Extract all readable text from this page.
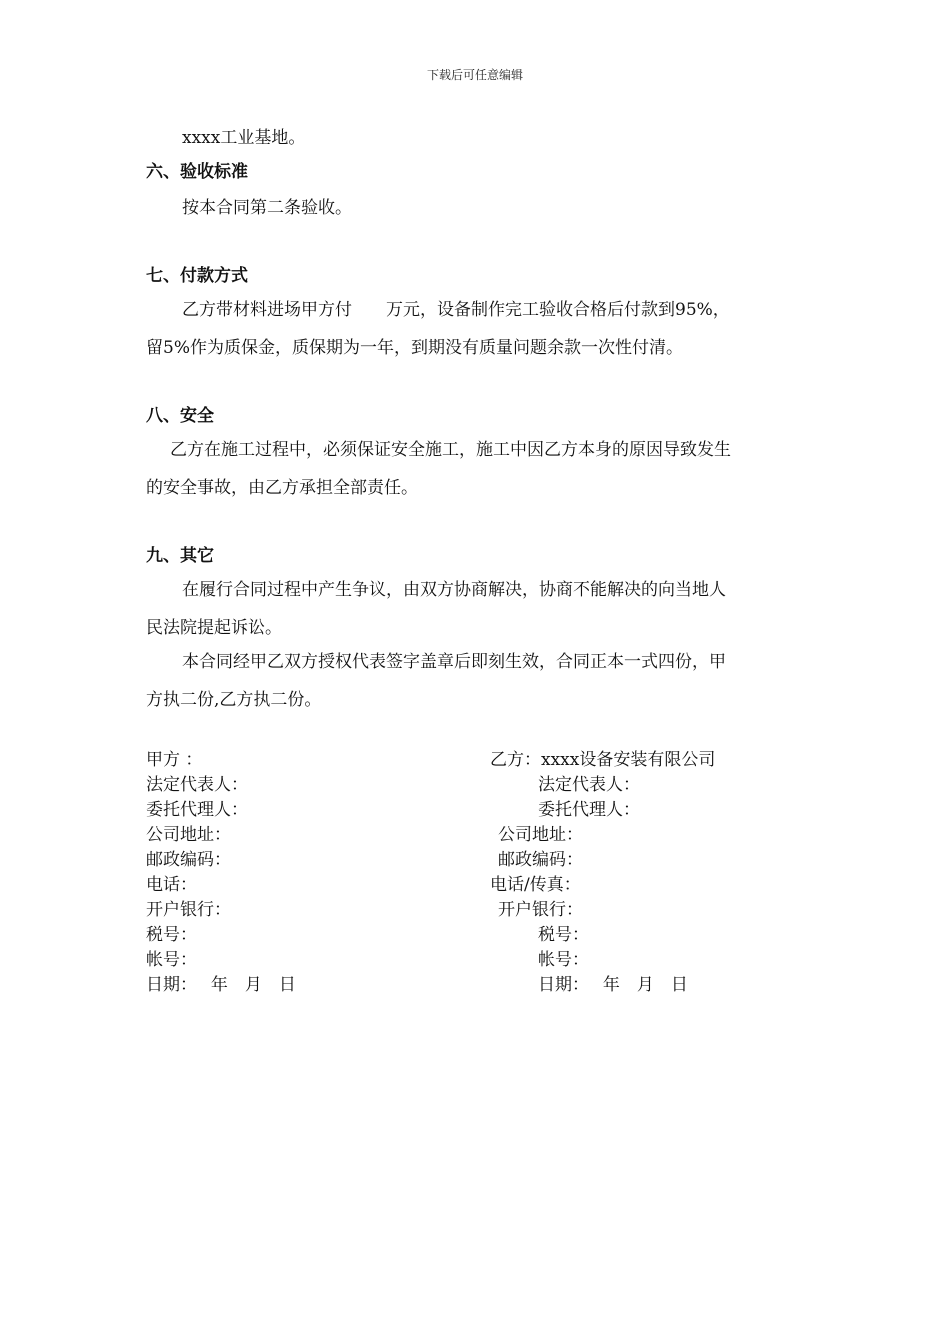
下载后可任意编辑
xxxx工业基地。
六、验收标准
按本合同第二条验收。
七、付款方式
乙方带材料进场甲方付　　万元，设备制作完工验收合格后付款到95%，
留5%作为质保金，质保期为一年，到期没有质量问题余款一次性付清。
八、安全
乙方在施工过程中，必须保证安全施工，施工中因乙方本身的原因导致发生
的安全事故，由乙方承担全部责任。
九、其它
在履行合同过程中产生争议，由双方协商解决，协商不能解决的向当地人
民法院提起诉讼。
本合同经甲乙双方授权代表签字盖章后即刻生效，合同正本一式四份，甲
方执二份,乙方执二份。
甲方 ：
法定代表人：
委托代理人：
公司地址：
邮政编码：
电话：
开户银行：
税号：
帐号：
日期：　 年　月　日
乙方：xxxx设备安装有限公司
法定代表人：
委托代理人：
公司地址：
邮政编码：
电话/传真：
开户银行：
税号：
帐号：
日期：　 年　月　日
